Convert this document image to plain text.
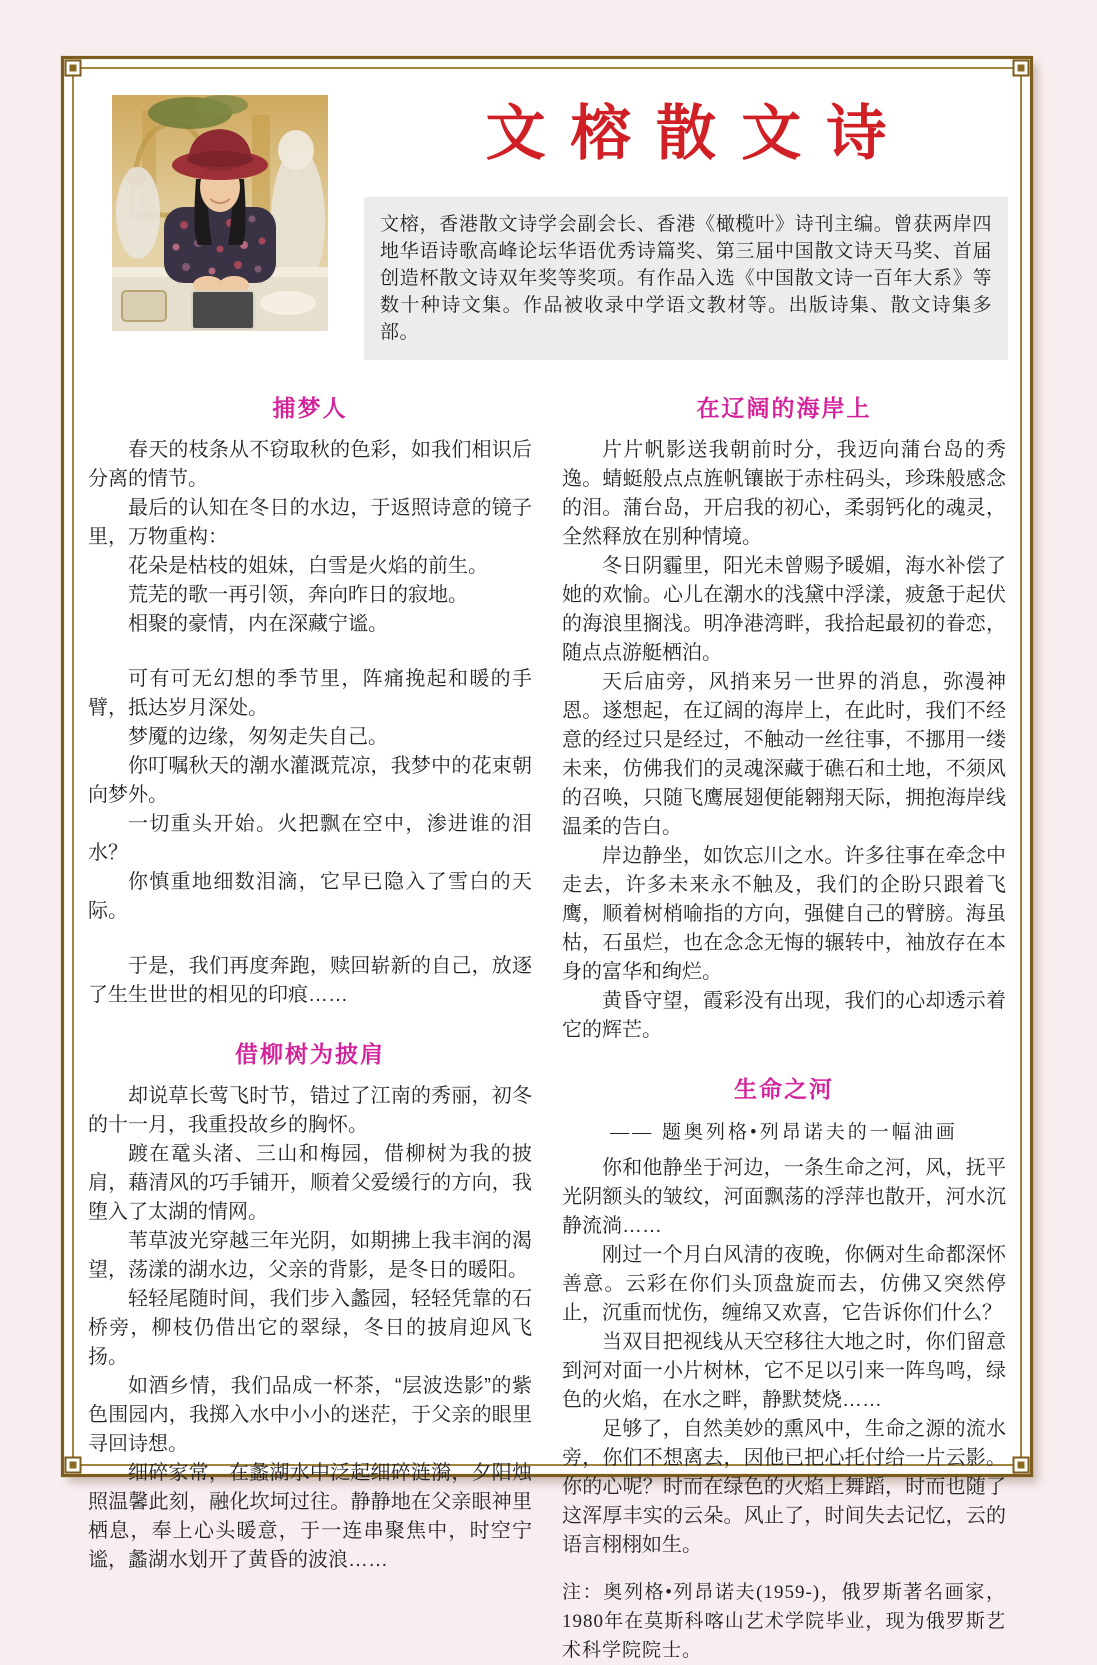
文榕散文诗
文榕，香港散文诗学会副会长、香港《橄榄叶》诗刊主编。曾获两岸四地华语诗歌高峰论坛华语优秀诗篇奖、第三届中国散文诗天马奖、首届创造杯散文诗双年奖等奖项。有作品入选《中国散文诗一百年大系》等数十种诗文集。作品被收录中学语文教材等。出版诗集、散文诗集多部。
捕梦人

春天的枝条从不窃取秋的色彩，如我们相识后分离的情节。

最后的认知在冬日的水边，于返照诗意的镜子里，万物重构：

花朵是枯枝的姐妹，白雪是火焰的前生。

荒芜的歌一再引领，奔向昨日的寂地。

相聚的豪情，内在深藏宁谧。

可有可无幻想的季节里，阵痛挽起和暖的手臂，抵达岁月深处。

梦魇的边缘，匆匆走失自己。

你叮嘱秋天的潮水灌溉荒凉，我梦中的花束朝向梦外。

一切重头开始。火把飘在空中，渗进谁的泪水？

你慎重地细数泪滴，它早已隐入了雪白的天际。

于是，我们再度奔跑，赎回崭新的自己，放逐了生生世世的相见的印痕……

借柳树为披肩

却说草长莺飞时节，错过了江南的秀丽，初冬的十一月，我重投故乡的胸怀。

踱在鼋头渚、三山和梅园，借柳树为我的披肩，藉清风的巧手铺开，顺着父爱缓行的方向，我堕入了太湖的情网。

苇草波光穿越三年光阴，如期拂上我丰润的渴望，荡漾的湖水边，父亲的背影，是冬日的暖阳。

轻轻尾随时间，我们步入蠡园，轻轻凭靠的石桥旁，柳枝仍借出它的翠绿，冬日的披肩迎风飞扬。

如酒乡情，我们品成一杯茶，“层波迭影”的紫色围园内，我掷入水中小小的迷茫，于父亲的眼里寻回诗想。

细碎家常，在蠡湖水中泛起细碎涟漪，夕阳烛照温馨此刻，融化坎坷过往。静静地在父亲眼神里栖息，奉上心头暖意，于一连串聚焦中，时空宁谧，蠡湖水划开了黄昏的波浪……

在辽阔的海岸上

片片帆影送我朝前时分，我迈向蒲台岛的秀逸。蜻蜓般点点旌帆镶嵌于赤柱码头，珍珠般感念的泪。蒲台岛，开启我的初心，柔弱钙化的魂灵，全然释放在别种情境。

冬日阴霾里，阳光未曾赐予暖媚，海水补偿了她的欢愉。心儿在潮水的浅黛中浮漾，疲惫于起伏的海浪里搁浅。明净港湾畔，我拾起最初的眷恋，随点点游艇栖泊。

天后庙旁，风捎来另一世界的消息，弥漫神恩。遂想起，在辽阔的海岸上，在此时，我们不经意的经过只是经过，不触动一丝往事，不挪用一缕未来，仿佛我们的灵魂深藏于礁石和土地，不须风的召唤，只随飞鹰展翅便能翱翔天际，拥抱海岸线温柔的告白。

岸边静坐，如饮忘川之水。许多往事在牵念中走去，许多未来永不触及，我们的企盼只跟着飞鹰，顺着树梢喻指的方向，强健自己的臂膀。海虽枯，石虽烂，也在念念无悔的辗转中，袖放存在本身的富华和绚烂。

黄昏守望，霞彩没有出现，我们的心却透示着它的辉芒。

生命之河
—— 题奥列格•列昂诺夫的一幅油画

你和他静坐于河边，一条生命之河，风，抚平光阴额头的皱纹，河面飘荡的浮萍也散开，河水沉静流淌……

刚过一个月白风清的夜晚，你俩对生命都深怀善意。云彩在你们头顶盘旋而去，仿佛又突然停止，沉重而忧伤，缠绵又欢喜，它告诉你们什么？

当双目把视线从天空移往大地之时，你们留意到河对面一小片树林，它不足以引来一阵鸟鸣，绿色的火焰，在水之畔，静默焚烧……

足够了，自然美妙的熏风中，生命之源的流水旁，你们不想离去，因他已把心托付给一片云影。你的心呢？时而在绿色的火焰上舞蹈，时而也随了这浑厚丰实的云朵。风止了，时间失去记忆，云的语言栩栩如生。

注：奥列格•列昂诺夫(1959-)，俄罗斯著名画家，1980年在莫斯科喀山艺术学院毕业，现为俄罗斯艺术科学院院士。
